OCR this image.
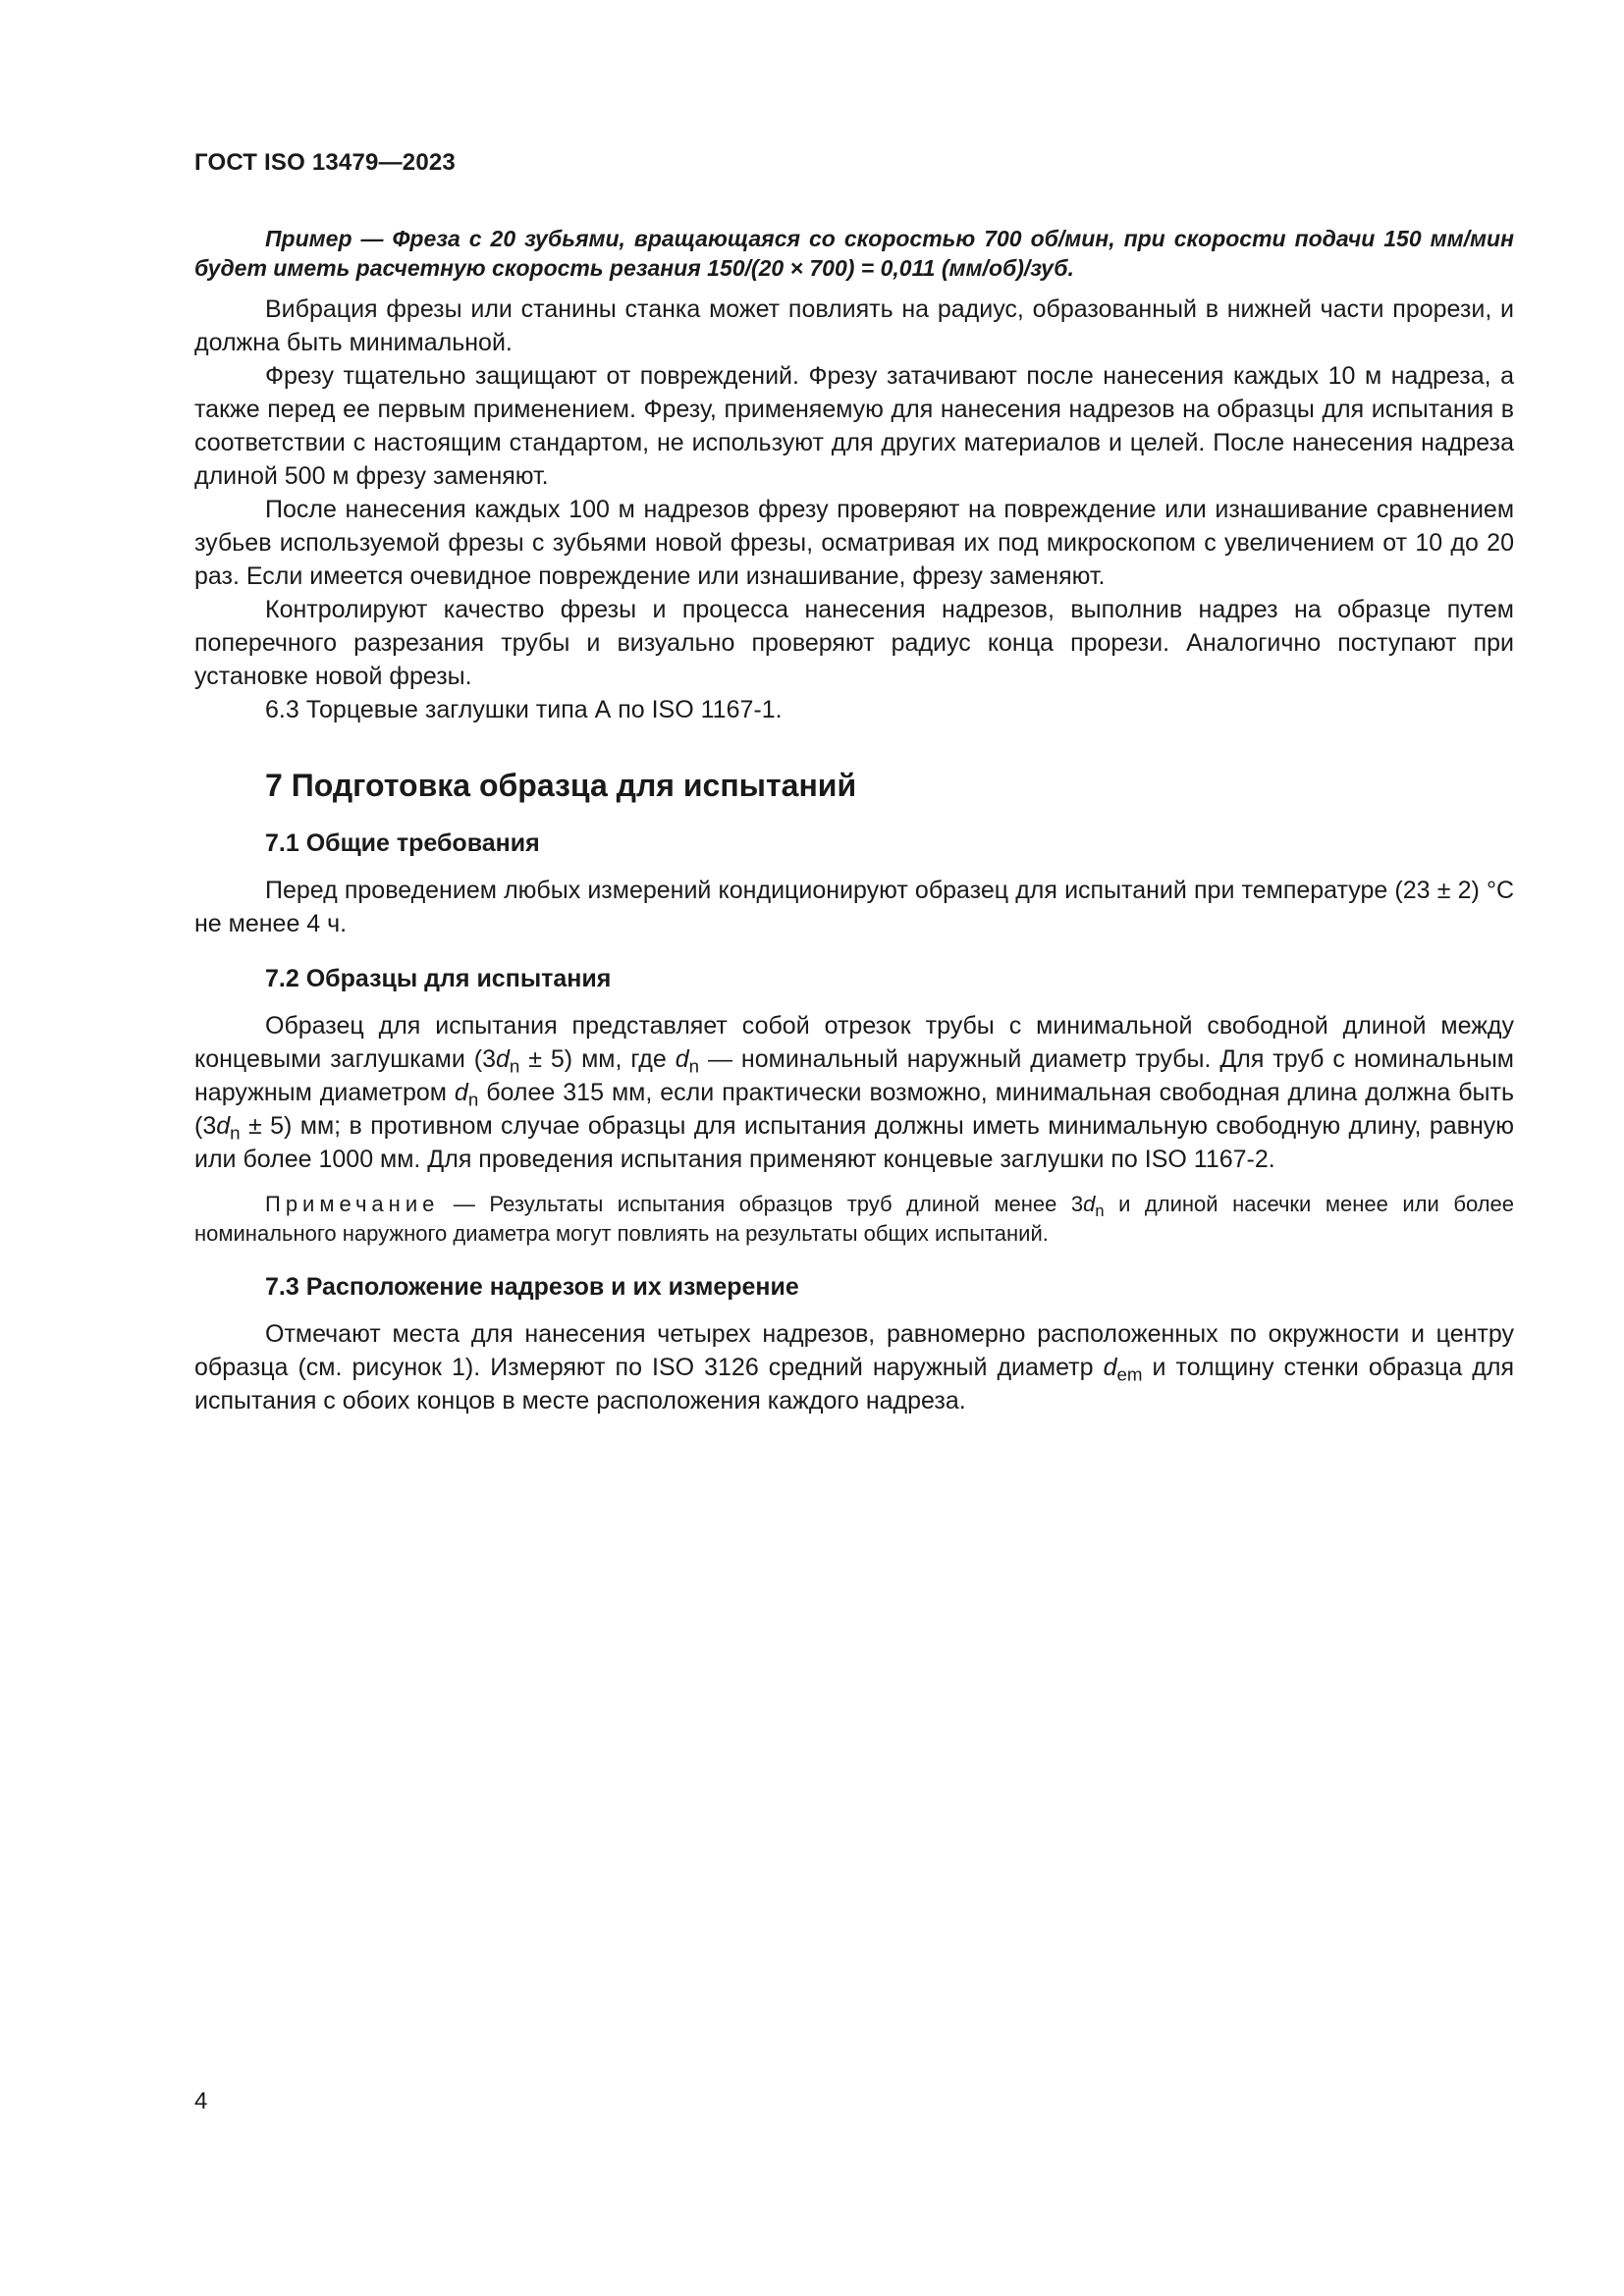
ГОСТ ISO 13479—2023

Пример — Фреза с 20 зубьями, вращающаяся со скоростью 700 об/мин, при скорости подачи 150 мм/мин будет иметь расчетную скорость резания 150/(20 × 700) = 0,011 (мм/об)/зуб.

Вибрация фрезы или станины станка может повлиять на радиус, образованный в нижней части прорези, и должна быть минимальной.

Фрезу тщательно защищают от повреждений. Фрезу затачивают после нанесения каждых 10 м надреза, а также перед ее первым применением. Фрезу, применяемую для нанесения надрезов на образцы для испытания в соответствии с настоящим стандартом, не используют для других материалов и целей. После нанесения надреза длиной 500 м фрезу заменяют.

После нанесения каждых 100 м надрезов фрезу проверяют на повреждение или изнашивание сравнением зубьев используемой фрезы с зубьями новой фрезы, осматривая их под микроскопом с увеличением от 10 до 20 раз. Если имеется очевидное повреждение или изнашивание, фрезу заменяют.

Контролируют качество фрезы и процесса нанесения надрезов, выполнив надрез на образце путем поперечного разрезания трубы и визуально проверяют радиус конца прорези. Аналогично поступают при установке новой фрезы.

6.3 Торцевые заглушки типа А по ISO 1167-1.

7 Подготовка образца для испытаний
7.1 Общие требования

Перед проведением любых измерений кондиционируют образец для испытаний при температуре (23 ± 2) °С не менее 4 ч.

7.2 Образцы для испытания

Образец для испытания представляет собой отрезок трубы с минимальной свободной длиной между концевыми заглушками $(3d_n \pm 5)$ мм, где $d_n$ — номинальный наружный диаметр трубы. Для труб с номинальным наружным диаметром $d_n$ более 315 мм, если практически возможно, минимальная свободная длина должна быть $(3d_n \pm 5)$ мм; в противном случае образцы для испытания должны иметь минимальную свободную длину, равную или более 1000 мм. Для проведения испытания применяют концевые заглушки по ISO 1167-2.

Примечание — Результаты испытания образцов труб длиной менее $3d_n$ и длиной насечки менее или более номинального наружного диаметра могут повлиять на результаты общих испытаний.

7.3 Расположение надрезов и их измерение

Отмечают места для нанесения четырех надрезов, равномерно расположенных по окружности и центру образца (см. рисунок 1). Измеряют по ISO 3126 средний наружный диаметр $d_{em}$ и толщину стенки образца для испытания с обоих концов в месте расположения каждого надреза.

4
